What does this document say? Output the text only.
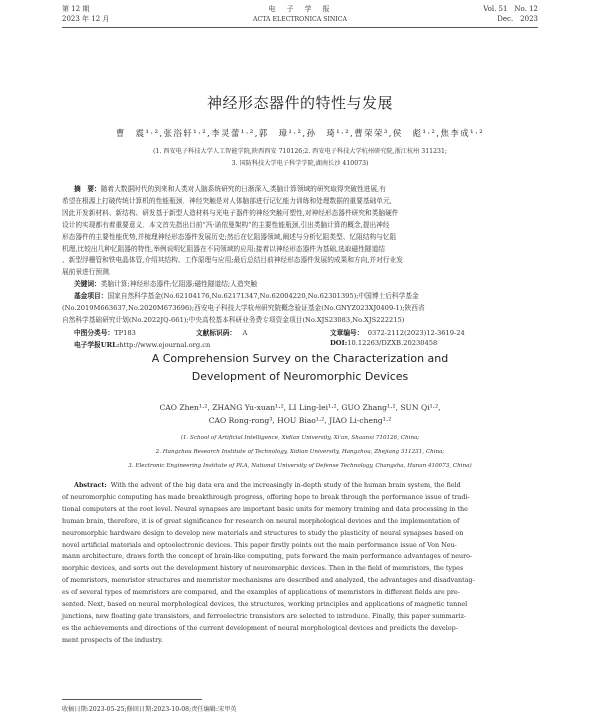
第 12 期
2023 年 12 月
电　子　学　报
ACTA ELECTRONICA SINICA
Vol. 51　No. 12
Dec.　2023
神经形态器件的特性与发展
曹　震¹·²,张浴轩¹·²,李灵蕾¹·²,郭　璋¹·²,孙　琦¹·²,曹荣荣³,侯　彪¹·²,焦李成¹·²
(1. 西安电子科技大学人工智能学院,陕西西安 710126;2. 西安电子科技大学杭州研究院,浙江杭州 311231;
3. 国防科技大学电子科学学院,湖南长沙 410073)
摘　要：随着大数据时代的到来和人类对人脑系统研究的日渐深入,类脑计算领域的研究取得突破性进展,有
希望在根源上打破传统计算机的性能瓶颈．神经突触是对人体脑部进行记忆能力训练和处理数据的重要基础单元,
因此开发新材料、新结构、研发基于新型人造材料与光电子器件的神经突触可塑性,对神经形态器件研究和类脑硬件
设计的实现都有着重要意义．本文首先指出目前“冯·诺依曼架构”的主要性能瓶颈,引出类脑计算的概念,提出神经
形态器件的主要性能优势,并梳理神经形态器件发展历史;然后在忆阻器领域,阐述与分析忆阻类型、忆阻结构与忆阻
机理,比较出几种忆阻器的特性,举例说明忆阻器在不同领域的应用;接着以神经形态器件为基础,选取磁性隧道结
、新型浮栅管和铁电晶体管,介绍其结构、工作原理与应用;最后总结目前神经形态器件发展的成果和方向,并对行业发
展前景进行预测．
关键词：类脑计算;神经形态器件;忆阻器;磁性隧道结;人造突触
基金项目：国家自然科学基金(No.62104176,No.62171347,No.62004220,No.62301395);中国博士后科学基金
(No.2019M663637,No.2020M673696);西安电子科技大学杭州研究院概念验证基金(No.GNYZ023XJ0409-1);陕西省
自然科学基础研究计划(No.2022JQ-661);中央高校基本科研业务费专项资金项目(No.XJS23083,No.XJS222215)
中图分类号：TP183	文献标识码： A	文章编号： 0372-2112(2023)12-3619-24
电子学报URL:http://www.ejournal.org.cn	DOI:10.12263/DZXB.20230458
A Comprehension Survey on the Characterization and
Development of Neuromorphic Devices
CAO Zhen¹·², ZHANG Yu-xuan¹·², LI Ling-lei¹·², GUO Zhang¹·², SUN Qi¹·²,
CAO Rong-rong³, HOU Biao¹·², JIAO Li-cheng¹·²
(1. School of Artificial Intelligence, Xidian University, Xi'an, Shaanxi 710126, China;
2. Hangzhou Research Institute of Technology, Xidian University, Hangzhou, Zhejiang 311231, China;
3. Electronic Engineering Institute of PLA, National University of Defense Technology, Changsha, Hunan 410073, China)
Abstract: With the advent of the big data era and the increasingly in-depth study of the human brain system, the field
of neuromorphic computing has made breakthrough progress, offering hope to break through the performance issue of tradi-
tional computers at the root level. Neural synapses are important basic units for memory training and data processing in the
human brain, therefore, it is of great significance for research on neural morphological devices and the implementation of
neuromorphic hardware design to develop new materials and structures to study the plasticity of neural synapses based on
novel artificial materials and optoelectronic devices. This paper firstly points out the main performance issue of Von Neu-
mann architecture, draws forth the concept of brain-like computing, puts forward the main performance advantages of neuro-
morphic devices, and sorts out the development history of neuromorphic devices. Then in the field of memristors, the types
of memristors, memristor structures and memristor mechanisms are described and analyzed, the advantages and disadvantag-
es of several types of memristors are compared, and the examples of applications of memristors in different fields are pre-
sented. Next, based on neural morphological devices, the structures, working principles and applications of magnetic tunnel
junctions, new floating gate transistors, and ferroelectric transistors are selected to introduce. Finally, this paper summariz-
es the achievements and directions of the current development of neural morphological devices and predicts the develop-
ment prospects of the industry.
收稿日期:2023-05-25;修回日期:2023-10-08;责任编辑:宋甲英
